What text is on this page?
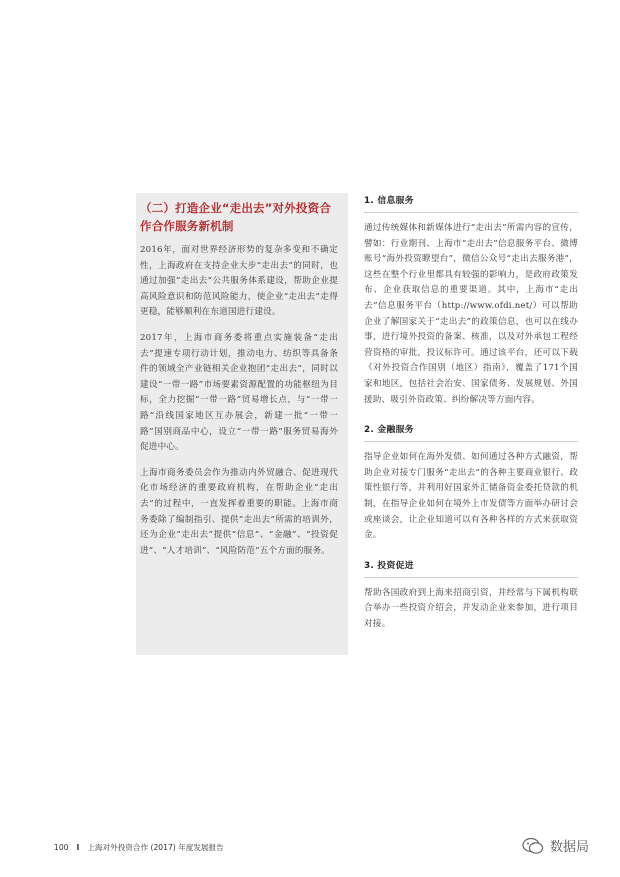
（二）打造企业“走出去”对外投资合作合作服务新机制

2016年，面对世界经济形势的复杂多变和不确定性，上海政府在支持企业大步“走出去”的同时，也通过加强“走出去”公共服务体系建设，帮助企业提高风险意识和防范风险能力，使企业“走出去”走得更稳，能够顺利在东道国进行建设。

2017年，上海市商务委将重点实施装备“走出去”提速专项行动计划，推动电力、纺织等具备条件的领域全产业链相关企业抱团“走出去”，同时以建设“一带一路”市场要素资源配置的功能枢纽为目标，全力挖掘“一带一路”贸易增长点，与“一带一路”沿线国家地区互办展会，新建一批“一带一路”国别商品中心，设立“一带一路”服务贸易海外促进中心。

上海市商务委员会作为推动内外贸融合、促进现代化市场经济的重要政府机构，在帮助企业“走出去”的过程中，一直发挥着重要的职能。上海市商务委除了编制指引、提供“走出去”所需的培训外，还为企业“走出去”提供“信息”、“金融”、“投资促进”、“人才培训”、“风险防范”五个方面的服务。

1. 信息服务

通过传统媒体和新媒体进行“走出去”所需内容的宣传，譬如：行业期刊、上海市“走出去”信息服务平台、微博账号“海外投资瞭望台”，微信公众号“走出去服务港”，这些在整个行业里都具有较强的影响力，是政府政策发布、企业获取信息的重要渠道。其中，上海市“走出去”信息服务平台（http://www.ofdi.net/）可以帮助企业了解国家关于“走出去”的政策信息，也可以在线办事，进行境外投资的备案、核准，以及对外承包工程经营资格的审批，投议标许可。通过该平台，还可以下载《对外投资合作国别（地区）指南》，覆盖了171个国家和地区，包括社会治安、国家债务、发展规划、外国援助、吸引外资政策、纠纷解决等方面内容。

2. 金融服务

指导企业如何在海外发债、如何通过各种方式融资，帮助企业对接专门服务“走出去”的各种主要商业银行、政策性银行等，并利用好国家外汇储备资金委托贷款的机制，在指导企业如何在境外上市发债等方面举办研讨会或座谈会，让企业知道可以有各种各样的方式来获取资金。

3. 投资促进

帮助各国政府到上海来招商引资，并经常与下属机构联合举办一些投资介绍会，并发动企业来参加，进行项目对接。

100 I 上海对外投资合作 (2017) 年度发展报告	数据局
